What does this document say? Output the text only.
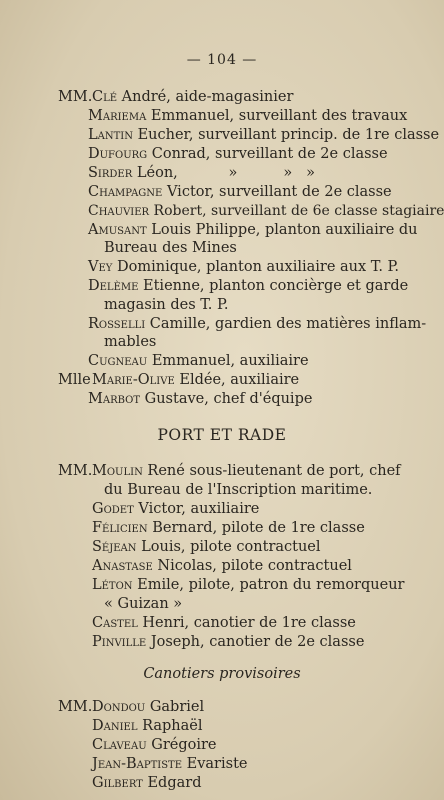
— 104 —
MM. Clé André, aide-magasinier
Mariema Emmanuel, surveillant des travaux
Lantin Eucher, surveillant princip. de 1re classe
Dufourg Conrad, surveillant de 2e classe
Sirder Léon,           »          »   »
Champagne Victor, surveillant de 2e classe
Chauvier Robert, surveillant de 6e classe stagiaire
Amusant Louis Philippe, planton auxiliaire du
Bureau des Mines
Vey Dominique, planton auxiliaire aux T. P.
Delème Etienne, planton concièrge et garde
magasin des T. P.
Rosselli Camille, gardien des matières inflam-
mables
Cugneau Emmanuel, auxiliaire
Mlle Marie-Olive Eldée, auxiliaire
Marbot Gustave, chef d'équipe
PORT ET RADE
MM. Moulin René sous-lieutenant de port, chef
du Bureau de l'Inscription maritime.
Godet Victor, auxiliaire
Félicien Bernard, pilote de 1re classe
Séjean Louis, pilote contractuel
Anastase Nicolas, pilote contractuel
Léton Emile, pilote, patron du remorqueur
« Guizan »
Castel Henri, canotier de 1re classe
Pinville Joseph, canotier de 2e classe
Canotiers provisoires
MM. Dondou Gabriel
Daniel Raphaël
Claveau Grégoire
Jean-Baptiste Evariste
Gilbert Edgard
